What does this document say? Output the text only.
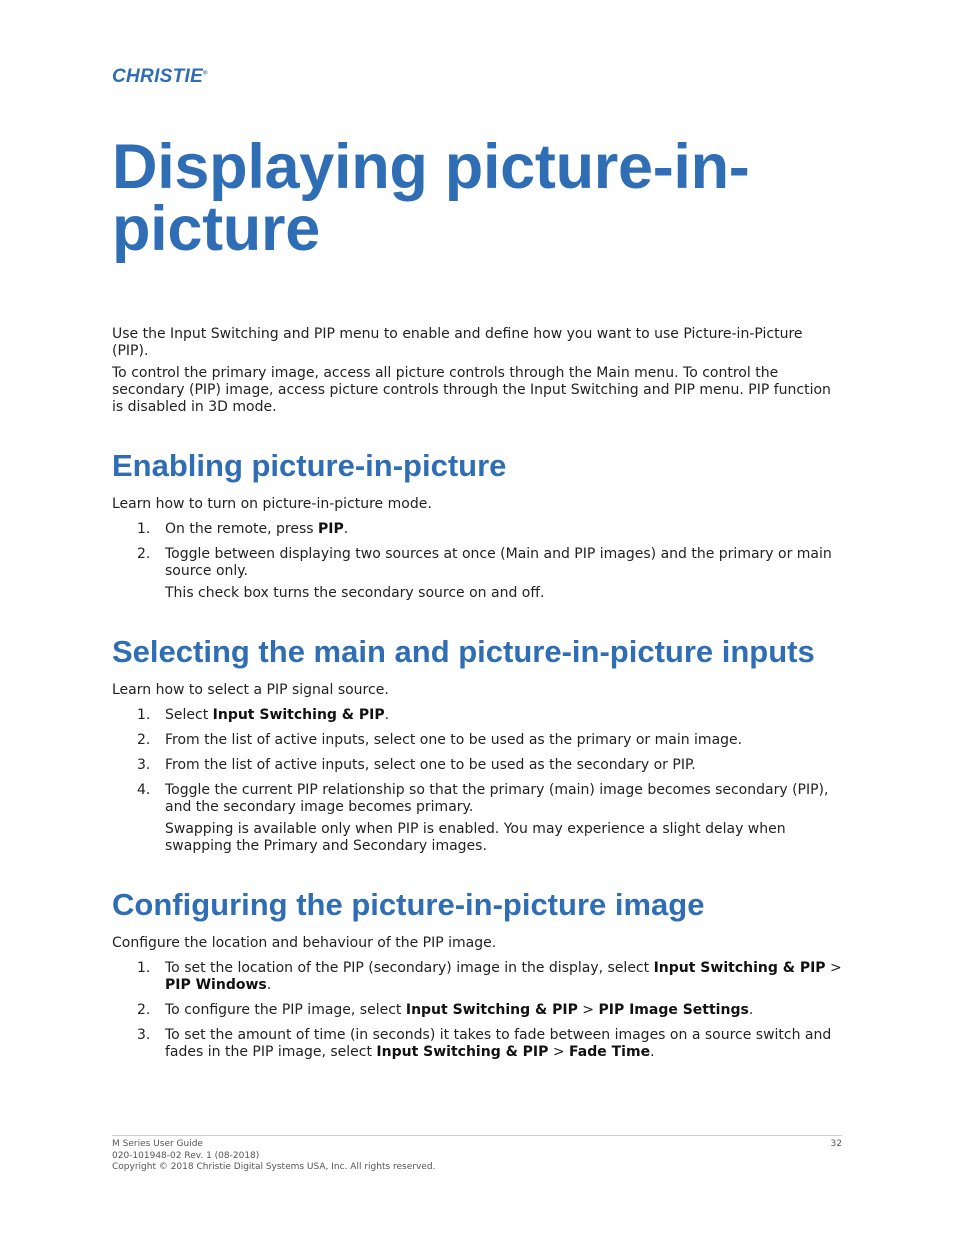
CHRISTIE®
Displaying picture-in-picture

Use the Input Switching and PIP menu to enable and define how you want to use Picture-in-Picture (PIP).

To control the primary image, access all picture controls through the Main menu. To control the secondary (PIP) image, access picture controls through the Input Switching and PIP menu. PIP function is disabled in 3D mode.

Enabling picture-in-picture

Learn how to turn on picture-in-picture mode.

1. On the remote, press PIP.
2. Toggle between displaying two sources at once (Main and PIP images) and the primary or main source only.
This check box turns the secondary source on and off.
Selecting the main and picture-in-picture inputs

Learn how to select a PIP signal source.

1. Select Input Switching & PIP.
2. From the list of active inputs, select one to be used as the primary or main image.
3. From the list of active inputs, select one to be used as the secondary or PIP.
4. Toggle the current PIP relationship so that the primary (main) image becomes secondary (PIP), and the secondary image becomes primary.
Swapping is available only when PIP is enabled. You may experience a slight delay when swapping the Primary and Secondary images.
Configuring the picture-in-picture image

Configure the location and behaviour of the PIP image.

1. To set the location of the PIP (secondary) image in the display, select Input Switching & PIP > PIP Windows.
2. To configure the PIP image, select Input Switching & PIP > PIP Image Settings.
3. To set the amount of time (in seconds) it takes to fade between images on a source switch and fades in the PIP image, select Input Switching & PIP > Fade Time.
M Series User Guide
020-101948-02 Rev. 1 (08-2018)
Copyright © 2018 Christie Digital Systems USA, Inc. All rights reserved.
32
